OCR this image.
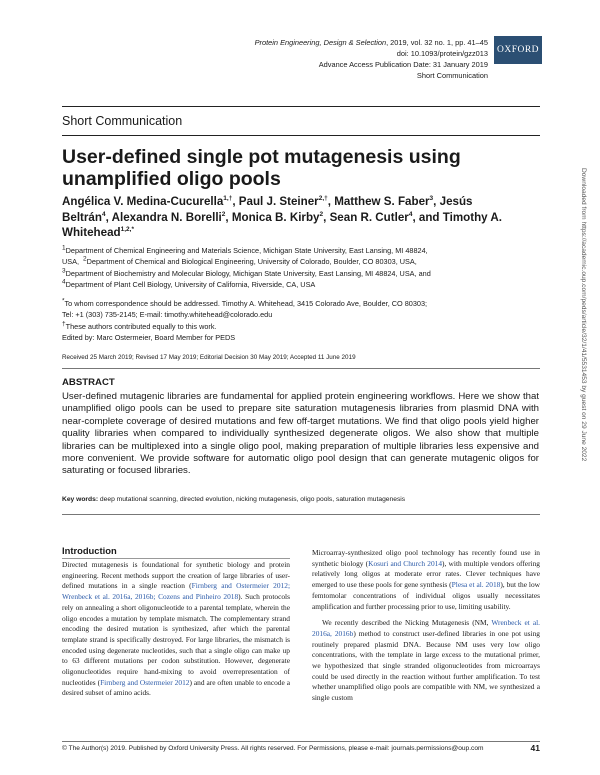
Protein Engineering, Design & Selection, 2019, vol. 32 no. 1, pp. 41–45
doi: 10.1093/protein/gzz013
Advance Access Publication Date: 31 January 2019
Short Communication
OXFORD
Short Communication
User-defined single pot mutagenesis using unamplified oligo pools
Angélica V. Medina-Cucurella$^{1,\dagger}$, Paul J. Steiner$^{2,\dagger}$, Matthew S. Faber$^3$, Jesús Beltrán$^4$, Alexandra N. Borelli$^2$, Monica B. Kirby$^2$, Sean R. Cutler$^4$, and Timothy A. Whitehead$^{1,2,*}$
$^1$Department of Chemical Engineering and Materials Science, Michigan State University, East Lansing, MI 48824,
USA, $^2$Department of Chemical and Biological Engineering, University of Colorado, Boulder, CO 80303, USA,
$^3$Department of Biochemistry and Molecular Biology, Michigan State University, East Lansing, MI 48824, USA, and
$^4$Department of Plant Cell Biology, University of California, Riverside, CA, USA
*To whom correspondence should be addressed. Timothy A. Whitehead, 3415 Colorado Ave, Boulder, CO 80303;
Tel: +1 (303) 735-2145; E-mail: timothy.whitehead@colorado.edu
†These authors contributed equally to this work.
Edited by: Marc Ostermeier, Board Member for PEDS
Received 25 March 2019; Revised 17 May 2019; Editorial Decision 30 May 2019; Accepted 11 June 2019
ABSTRACT
User-defined mutagenic libraries are fundamental for applied protein engineering workflows. Here we show that unamplified oligo pools can be used to prepare site saturation mutagenesis libraries from plasmid DNA with near-complete coverage of desired mutations and few off-target mutations. We find that oligo pools yield higher quality libraries when compared to individually synthesized degenerate oligos. We also show that multiple libraries can be multiplexed into a single oligo pool, making preparation of multiple libraries less expensive and more convenient. We provide software for automatic oligo pool design that can generate mutagenic oligos for saturating or focused libraries.
Key words: deep mutational scanning, directed evolution, nicking mutagenesis, oligo pools, saturation mutagenesis
Introduction

Directed mutagenesis is foundational for synthetic biology and protein engineering. Recent methods support the creation of large libraries of user-defined mutations in a single reaction (Firnberg and Ostermeier 2012; Wrenbeck et al. 2016a, 2016b; Cozens and Pinheiro 2018). Such protocols rely on annealing a short oligonucleotide to a parental template, wherein the oligo encodes a mutation by template mismatch. The complementary strand encoding the desired mutation is synthesized, after which the parental template strand is specifically destroyed. For large libraries, the mismatch is encoded using degenerate nucleotides, such that a single oligo can make up to 63 different mutations per codon substitution. However, degenerate oligonucleotides require hand-mixing to avoid overrepresentation of nucleotides (Firnberg and Ostermeier 2012) and are often unable to encode a desired subset of amino acids.

Microarray-synthesized oligo pool technology has recently found use in synthetic biology (Kosuri and Church 2014), with multiple vendors offering relatively long oligos at moderate error rates. Clever techniques have emerged to use these pools for gene synthesis (Plesa et al. 2018), but the low femtomolar concentrations of individual oligos usually necessitates amplification and further processing prior to use, limiting usability.

We recently described the Nicking Mutagenesis (NM, Wrenbeck et al. 2016a, 2016b) method to construct user-defined libraries in one pot using routinely prepared plasmid DNA. Because NM uses very low oligo concentrations, with the template in large excess to the mutational primer, we hypothesized that single stranded oligonucleotides from microarrays could be used directly in the reaction without further amplification. To test whether unamplified oligo pools are compatible with NM, we synthesized a single custom

© The Author(s) 2019. Published by Oxford University Press. All rights reserved. For Permissions, please e-mail: journals.permissions@oup.com	41
Downloaded from https://academic.oup.com/peds/article/32/1/41/5531453 by guest on 29 June 2022
